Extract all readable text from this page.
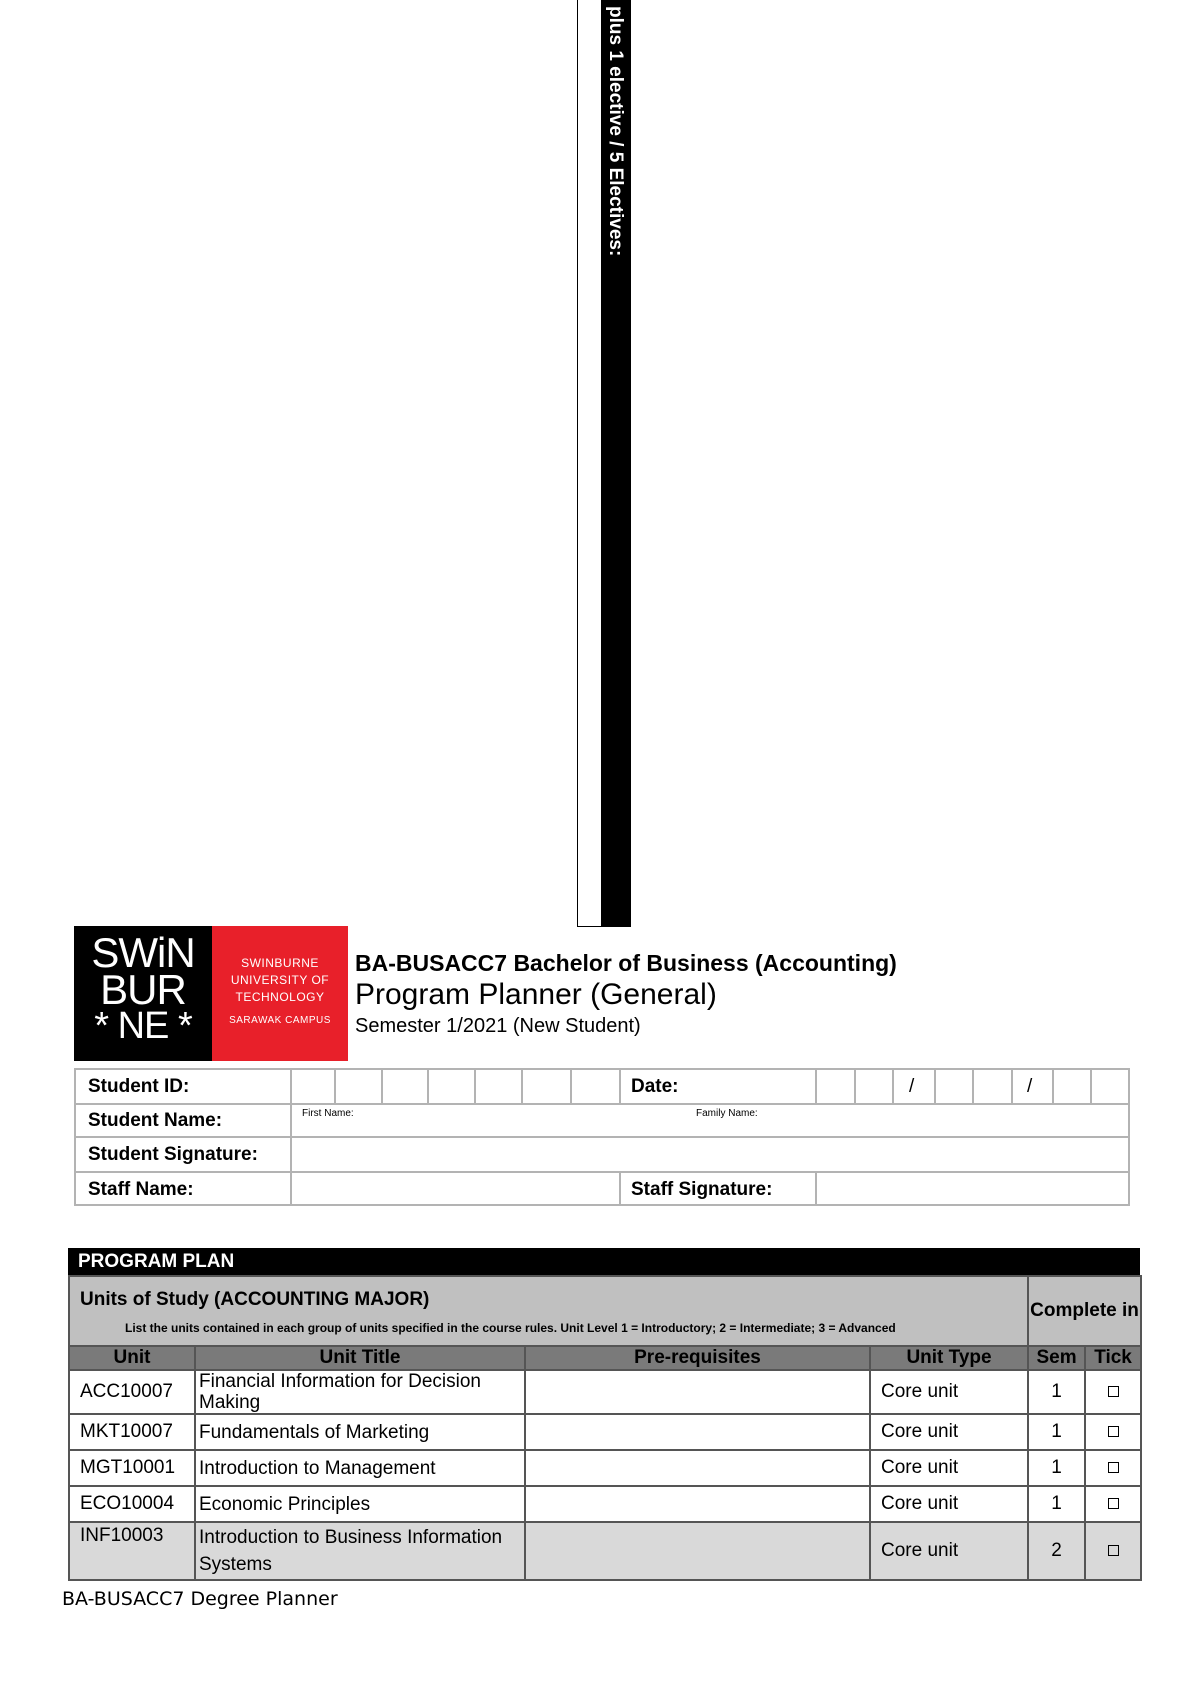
plus 1 elective / 5 Electives:
SWiN
BUR
* NE *
SWINBURNE
UNIVERSITY OF
TECHNOLOGY
SARAWAK CAMPUS
BA-BUSACC7 Bachelor of Business (Accounting)
Program Planner (General)
Semester 1/2021 (New Student)
Student ID:	Date:	/	/
Student Name:	First Name:	Family Name:
Student Signature:
Staff Name:	Staff Signature:
PROGRAM PLAN
Units of Study (ACCOUNTING MAJOR)
List the units contained in each group of units specified in the course rules. Unit Level 1 = Introductory; 2 = Intermediate; 3 = Advanced				Complete in	
Unit	Unit Title	Pre-requisites	Unit Type	Sem	Tick
ACC10007	Financial Information for Decision Making		Core unit	1	
MKT10007	Fundamentals of Marketing		Core unit	1	
MGT10001	Introduction to Management		Core unit	1	
ECO10004	Economic Principles		Core unit	1	
INF10003	Introduction to Business Information Systems		Core unit	2	
BA-BUSACC7 Degree Planner
